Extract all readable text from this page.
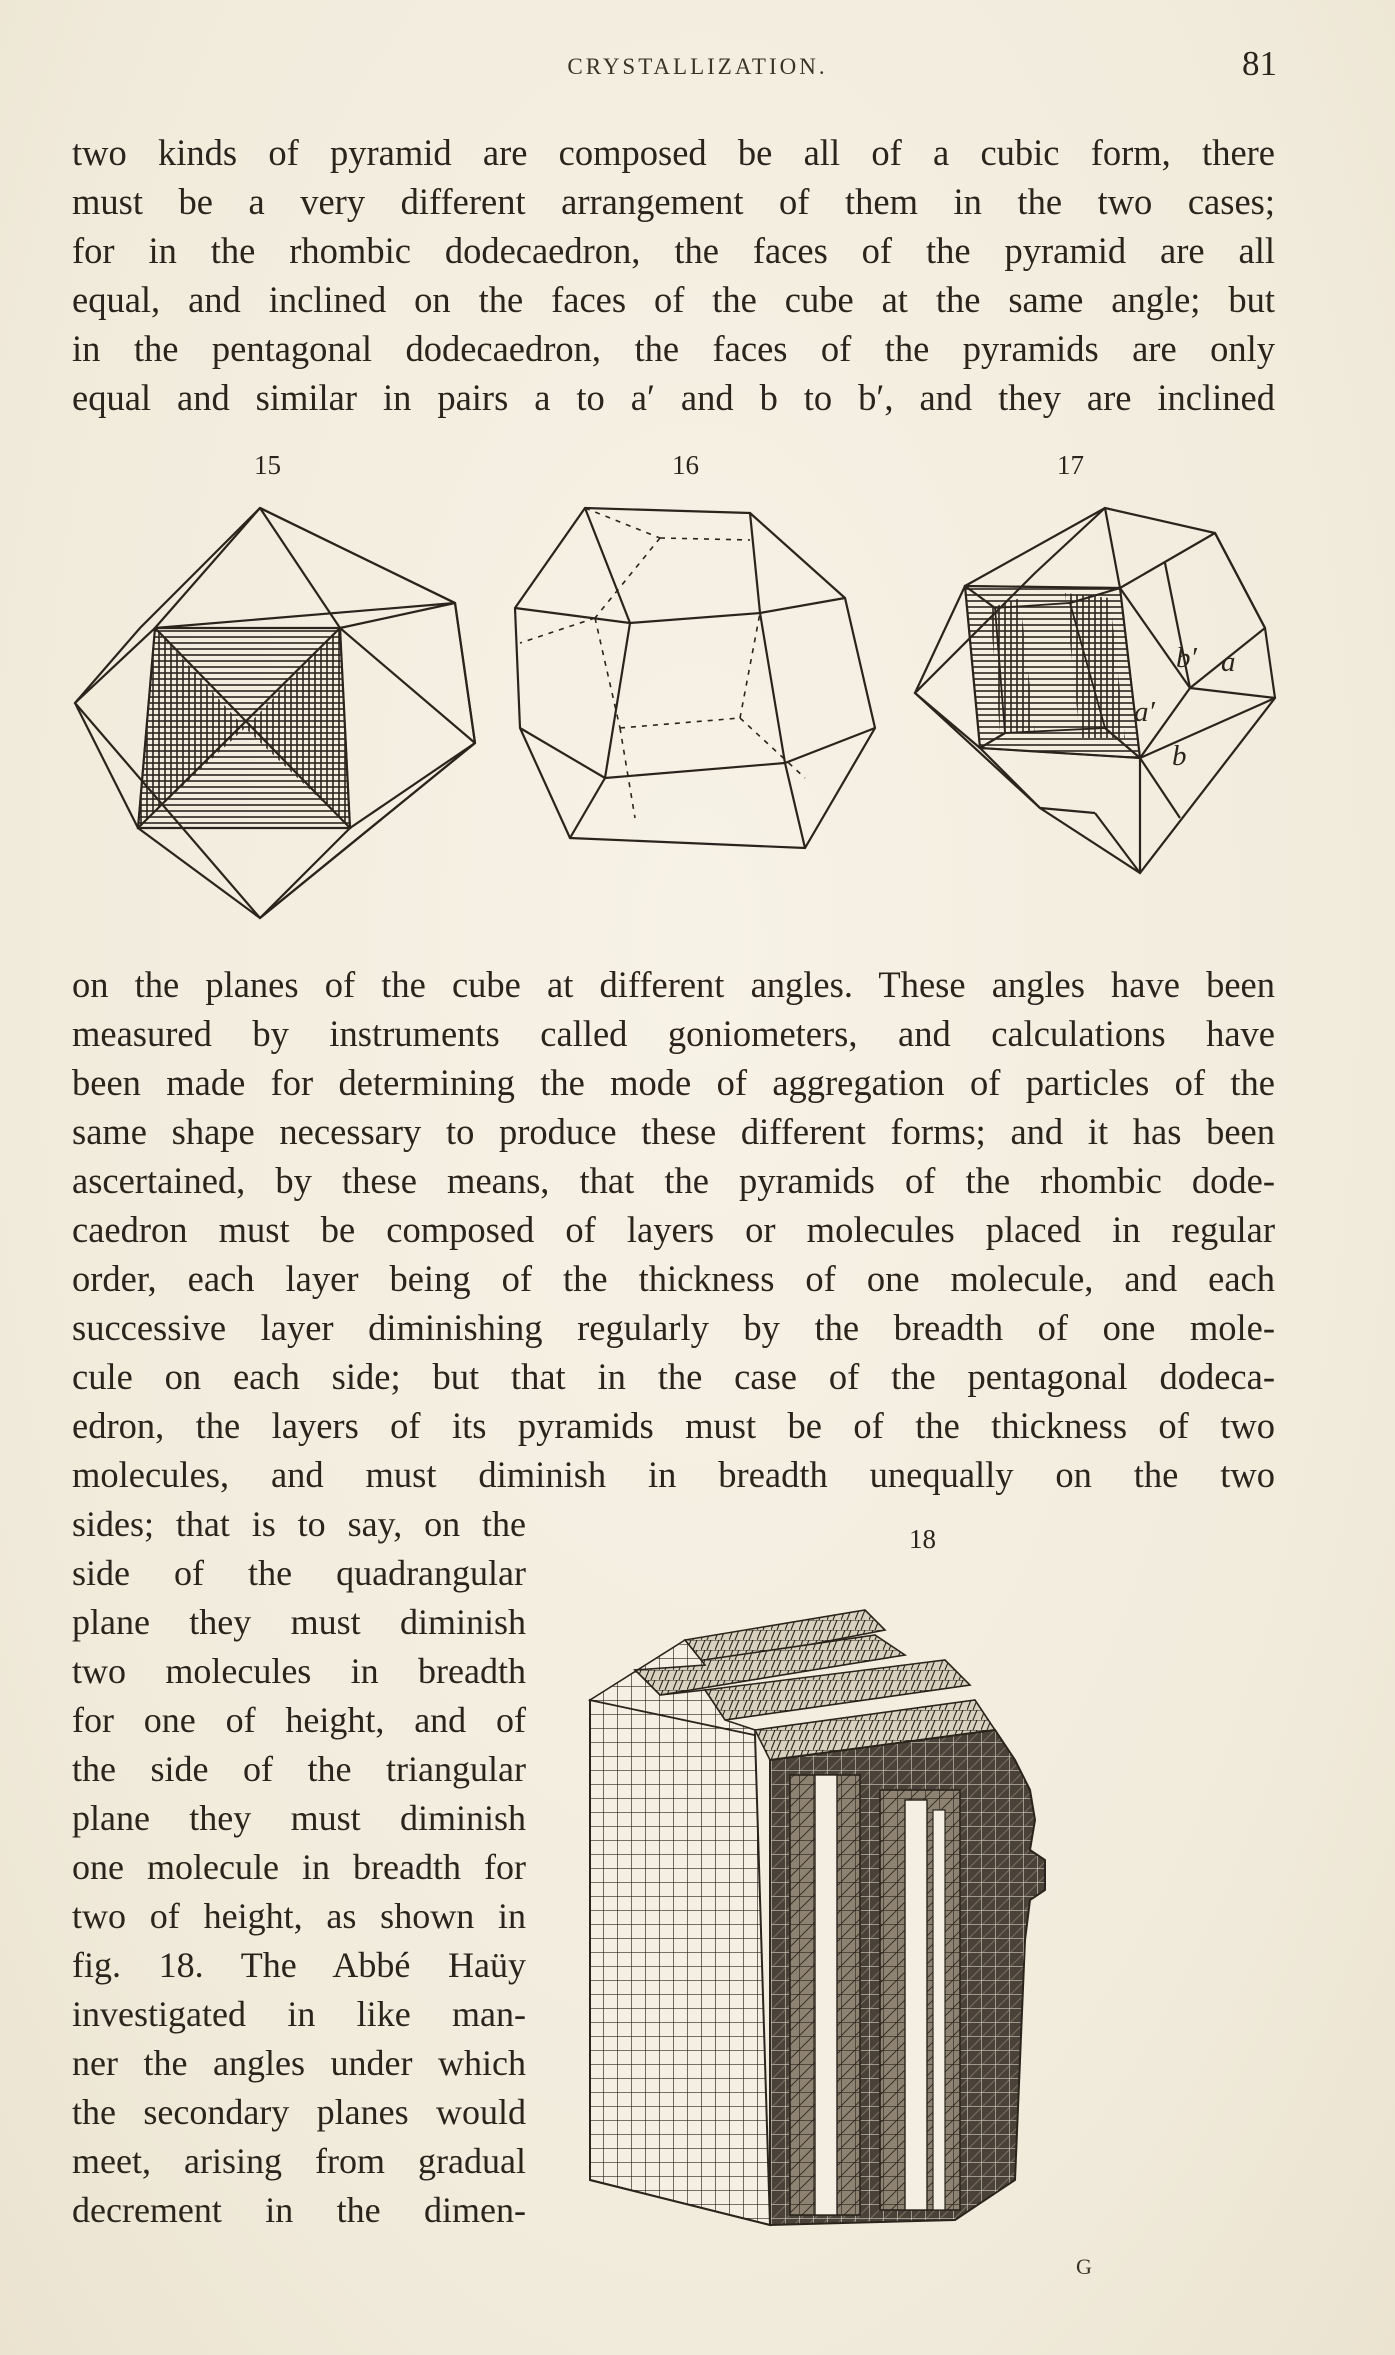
CRYSTALLIZATION.	81
two kinds of pyramid are composed be all of a cubic form, there
must be a very different arrangement of them in the two cases;
for in the rhombic dodecaedron, the faces of the pyramid are all
equal, and inclined on the faces of the cube at the same angle; but
in the pentagonal dodecaedron, the faces of the pyramids are only
equal and similar in pairs a to a′ and b to b′, and they are inclined
15	16	17
b′ a
a′
b
on the planes of the cube at different angles. These angles have been
measured by instruments called goniometers, and calculations have
been made for determining the mode of aggregation of particles of the
same shape necessary to produce these different forms; and it has been
ascertained, by these means, that the pyramids of the rhombic dode-
caedron must be composed of layers or molecules placed in regular
order, each layer being of the thickness of one molecule, and each
successive layer diminishing regularly by the breadth of one mole-
cule on each side; but that in the case of the pentagonal dodeca-
edron, the layers of its pyramids must be of the thickness of two
molecules, and must diminish in breadth unequally on the two
18
sides; that is to say, on the
side of the quadrangular
plane they must diminish
two molecules in breadth
for one of height, and of
the side of the triangular
plane they must diminish
one molecule in breadth for
two of height, as shown in
fig. 18. The Abbé Haüy
investigated in like man-
ner the angles under which
the secondary planes would
meet, arising from gradual
decrement in the dimen-
G
